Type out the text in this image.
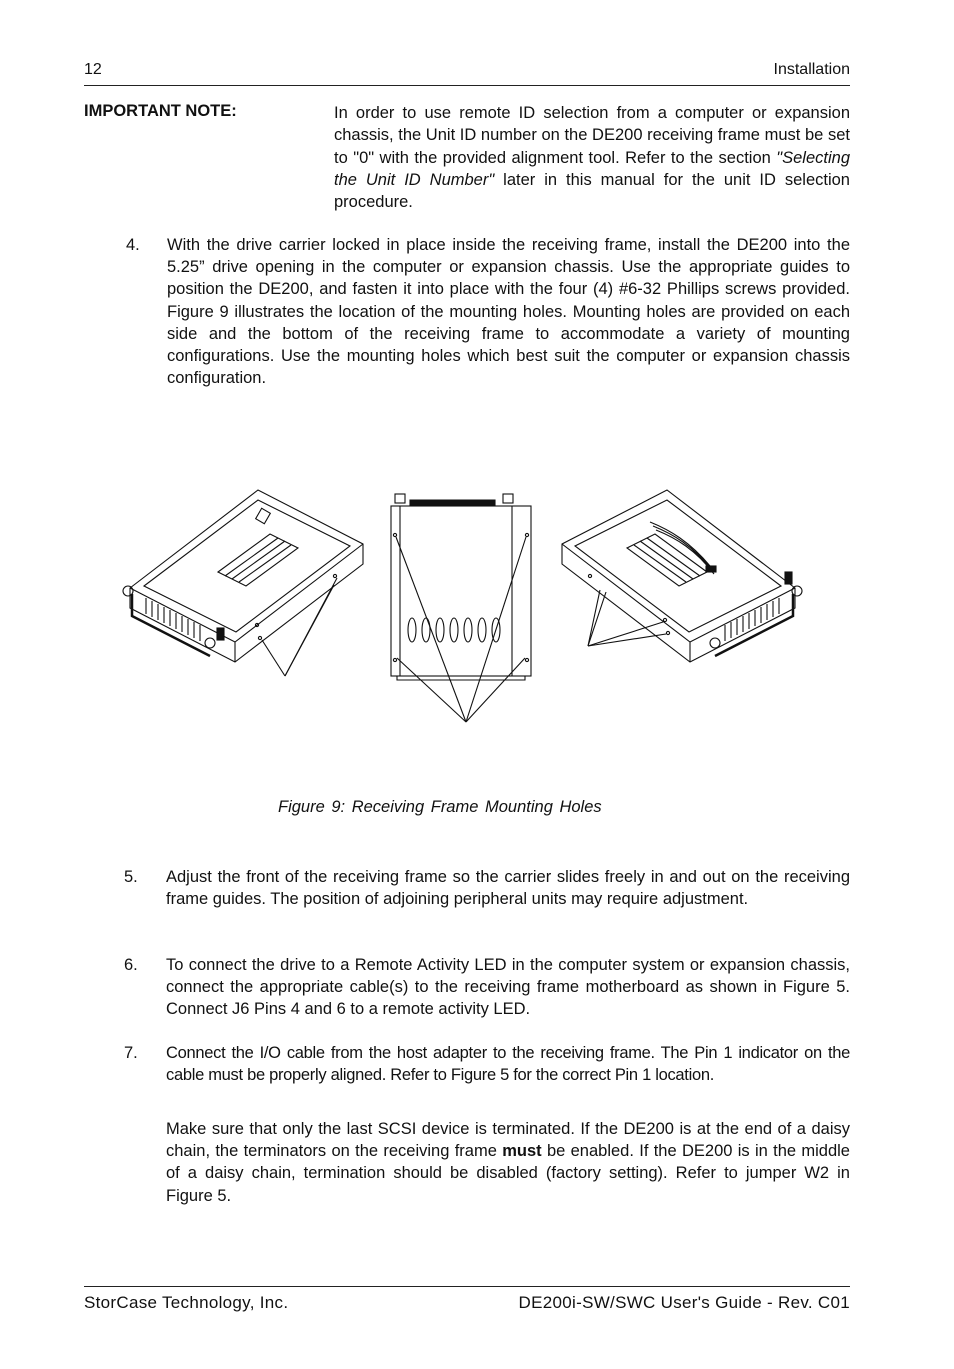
12	Installation
IMPORTANT NOTE:	In order to use remote ID selection from a computer or expansion chassis, the Unit ID number on the DE200 receiving frame must be set to "0" with the provided alignment tool. Refer to the section "Selecting the Unit ID Number" later in this manual for the unit ID selection procedure.

4. With the drive carrier locked in place inside the receiving frame, install the DE200 into the 5.25” drive opening in the computer or expansion chassis. Use the appropriate guides to position the DE200, and fasten it into place with the four (4) #6-32 Phillips screws provided. Figure 9 illustrates the location of the mounting holes. Mounting holes are provided on each side and the bottom of the receiving frame to accommodate a variety of mounting configurations. Use the mounting holes which best suit the computer or expansion chassis configuration.
Figure 9: Receiving Frame Mounting Holes
5. Adjust the front of the receiving frame so the carrier slides freely in and out on the receiving frame guides. The position of adjoining peripheral units may require adjustment.
6. To connect the drive to a Remote Activity LED in the computer system or expansion chassis, connect the appropriate cable(s) to the receiving frame motherboard as shown in Figure 5. Connect J6 Pins 4 and 6 to a remote activity LED.
7. Connect the I/O cable from the host adapter to the receiving frame. The Pin 1 indicator on the cable must be properly aligned. Refer to Figure 5 for the correct Pin 1 location.
Make sure that only the last SCSI device is terminated. If the DE200 is at the end of a daisy chain, the terminators on the receiving frame must be enabled. If the DE200 is in the middle of a daisy chain, termination should be disabled (factory setting). Refer to jumper W2 in Figure 5.
StorCase Technology, Inc.	DE200i-SW/SWC User's Guide - Rev. C01
